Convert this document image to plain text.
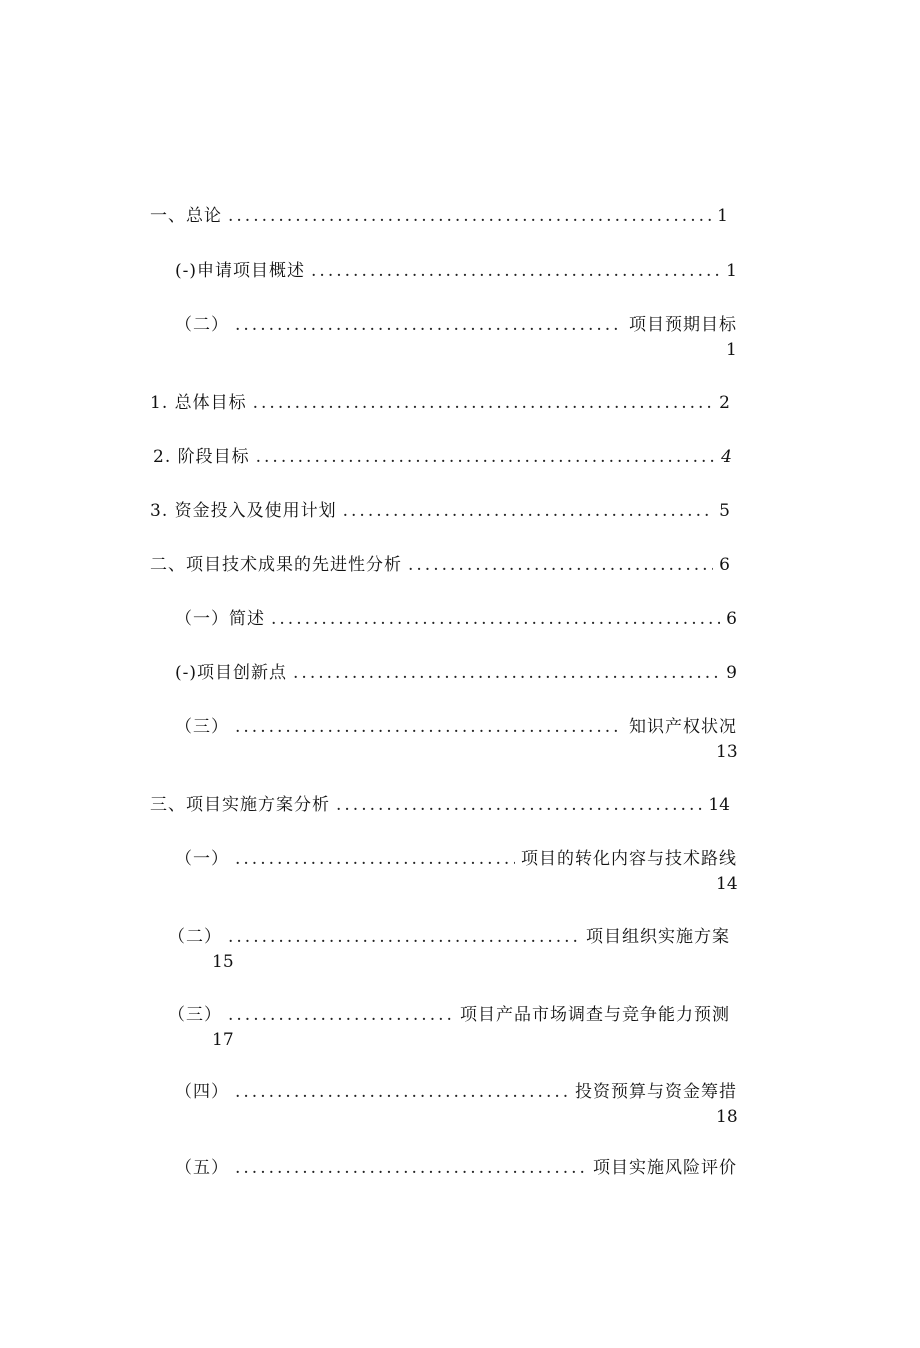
一、总论 .....	1
(-)申请项目概述 .....	1
（二） .....	项目预期目标
1
1. 总体目标 .....	2
2. 阶段目标 .....	4
3. 资金投入及使用计划 .....	5
二、项目技术成果的先进性分析 .....	6
（一）简述 .....	6
(-)项目创新点 .....	9
（三） .....	知识产权状况
13
三、项目实施方案分析 .....	14
（一） .....	项目的转化内容与技术路线
14
（二） .....	项目组织实施方案
15
（三） .....	项目产品市场调查与竞争能力预测
17
（四） .....	投资预算与资金筹措
18
（五） .....	项目实施风险评价
